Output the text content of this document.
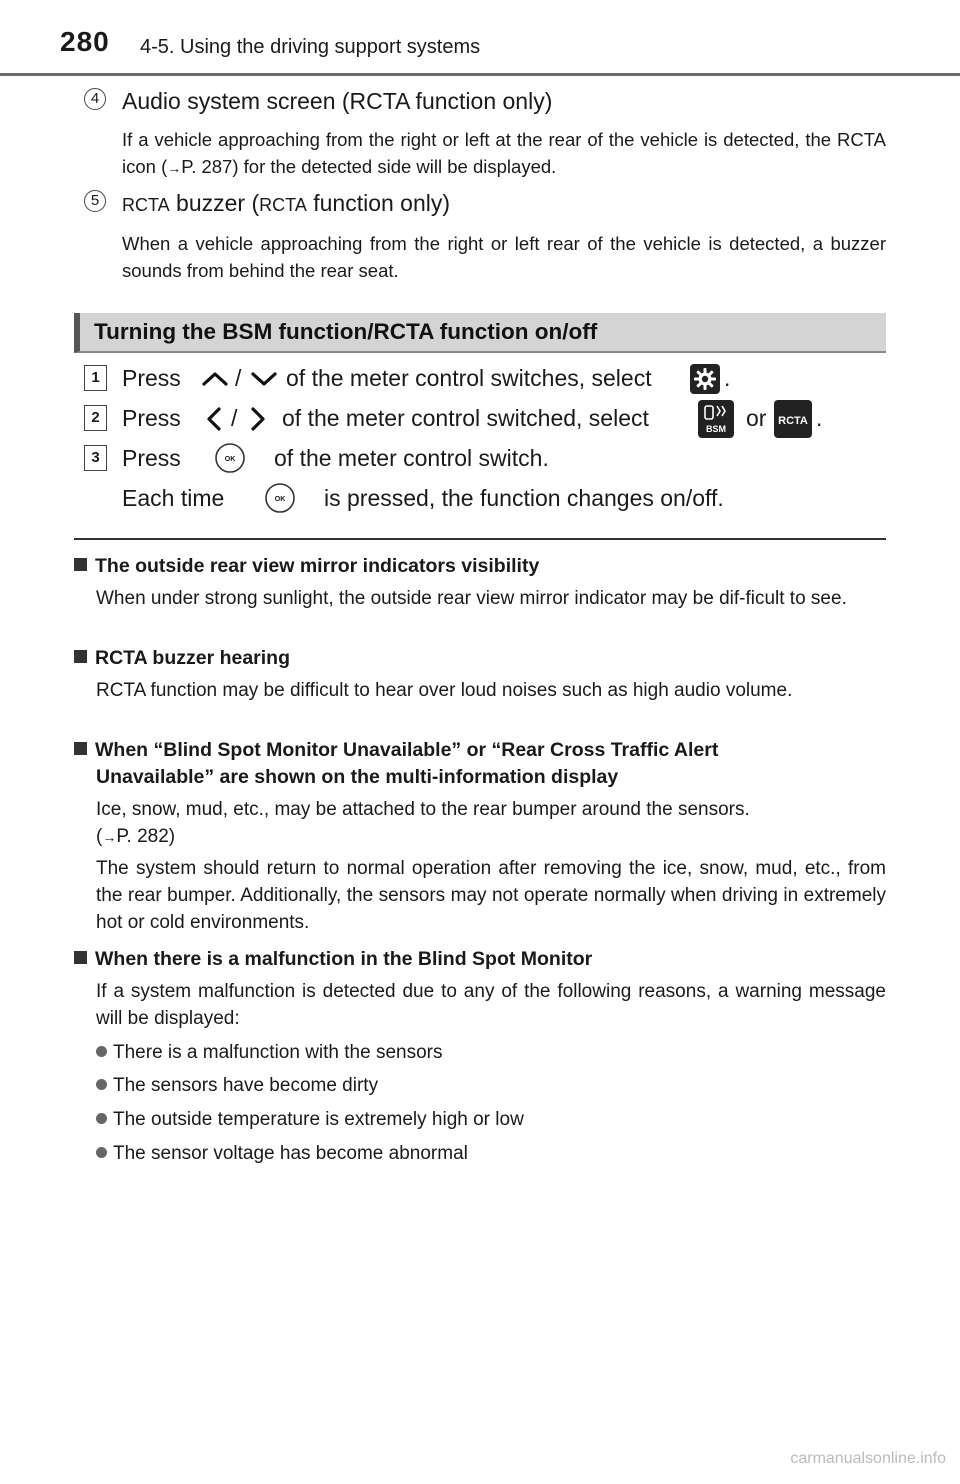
280 4-5. Using the driving support systems
4 Audio system screen (RCTA function only)
If a vehicle approaching from the right or left at the rear of the vehicle is detected, the RCTA icon (→P. 287) for the detected side will be displayed.
5	RCTA buzzer (RCTA function only)
When a vehicle approaching from the right or left rear of the vehicle is detected, a buzzer sounds from behind the rear seat.
Turning the BSM function/RCTA function on/off
1 Press / of the meter control switches, select	.
2 Press / of the meter control switched, select	BSM or RCTA .
3 Press	OK of the meter control switch.
Each time	OK is pressed, the function changes on/off.
The outside rear view mirror indicators visibility
When under strong sunlight, the outside rear view mirror indicator may be dif-ficult to see.
RCTA buzzer hearing
RCTA function may be difficult to hear over loud noises such as high audio volume.
When “Blind Spot Monitor Unavailable” or “Rear Cross Traffic Alert
Unavailable” are shown on the multi-information display
Ice, snow, mud, etc., may be attached to the rear bumper around the sensors.
(→P. 282)
The system should return to normal operation after removing the ice, snow, mud, etc., from the rear bumper. Additionally, the sensors may not operate normally when driving in extremely hot or cold environments.
When there is a malfunction in the Blind Spot Monitor
If a system malfunction is detected due to any of the following reasons, a warning message will be displayed:
There is a malfunction with the sensors
The sensors have become dirty
The outside temperature is extremely high or low
The sensor voltage has become abnormal
carmanualsonline.info
